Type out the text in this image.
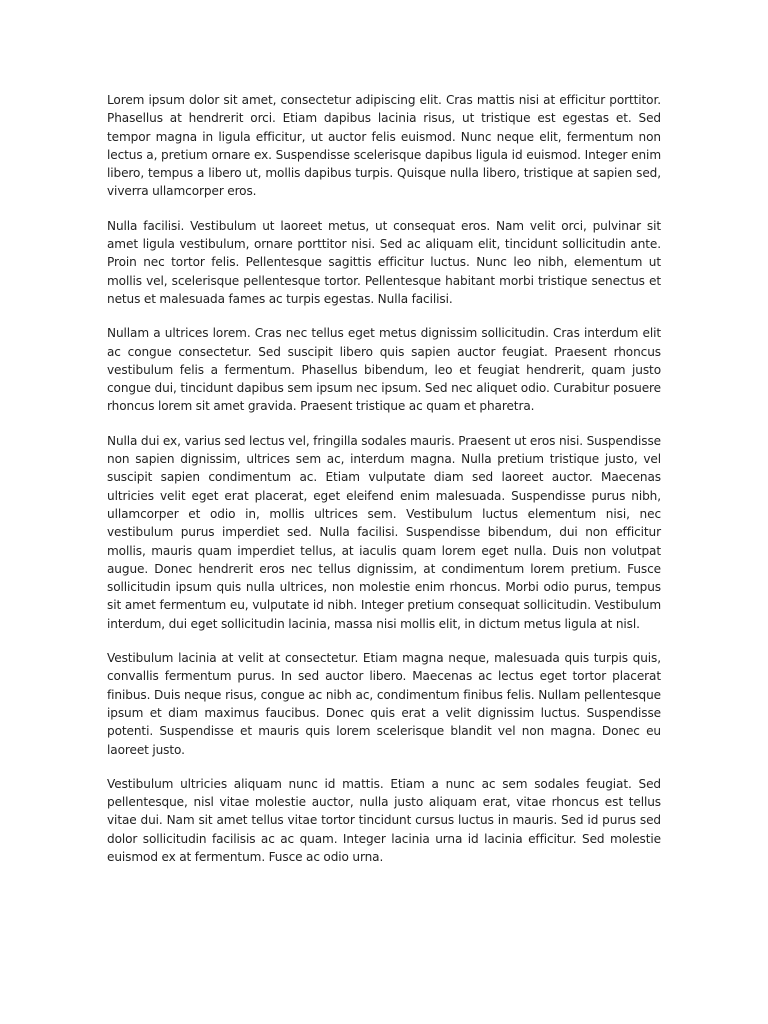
Lorem ipsum dolor sit amet, consectetur adipiscing elit. Cras mattis nisi at efficitur porttitor. Phasellus at hendrerit orci. Etiam dapibus lacinia risus, ut tristique est egestas et. Sed tempor magna in ligula efficitur, ut auctor felis euismod. Nunc neque elit, fermentum non lectus a, pretium ornare ex. Suspendisse scelerisque dapibus ligula id euismod. Integer enim libero, tempus a libero ut, mollis dapibus turpis. Quisque nulla libero, tristique at sapien sed, viverra ullamcorper eros.

Nulla facilisi. Vestibulum ut laoreet metus, ut consequat eros. Nam velit orci, pulvinar sit amet ligula vestibulum, ornare porttitor nisi. Sed ac aliquam elit, tincidunt sollicitudin ante. Proin nec tortor felis. Pellentesque sagittis efficitur luctus. Nunc leo nibh, elementum ut mollis vel, scelerisque pellentesque tortor. Pellentesque habitant morbi tristique senectus et netus et malesuada fames ac turpis egestas. Nulla facilisi.

Nullam a ultrices lorem. Cras nec tellus eget metus dignissim sollicitudin. Cras interdum elit ac congue consectetur. Sed suscipit libero quis sapien auctor feugiat. Praesent rhoncus vestibulum felis a fermentum. Phasellus bibendum, leo et feugiat hendrerit, quam justo congue dui, tincidunt dapibus sem ipsum nec ipsum. Sed nec aliquet odio. Curabitur posuere rhoncus lorem sit amet gravida. Praesent tristique ac quam et pharetra.

Nulla dui ex, varius sed lectus vel, fringilla sodales mauris. Praesent ut eros nisi. Suspendisse non sapien dignissim, ultrices sem ac, interdum magna. Nulla pretium tristique justo, vel suscipit sapien condimentum ac. Etiam vulputate diam sed laoreet auctor. Maecenas ultricies velit eget erat placerat, eget eleifend enim malesuada. Suspendisse purus nibh, ullamcorper et odio in, mollis ultrices sem. Vestibulum luctus elementum nisi, nec vestibulum purus imperdiet sed. Nulla facilisi. Suspendisse bibendum, dui non efficitur mollis, mauris quam imperdiet tellus, at iaculis quam lorem eget nulla. Duis non volutpat augue. Donec hendrerit eros nec tellus dignissim, at condimentum lorem pretium. Fusce sollicitudin ipsum quis nulla ultrices, non molestie enim rhoncus. Morbi odio purus, tempus sit amet fermentum eu, vulputate id nibh. Integer pretium consequat sollicitudin. Vestibulum interdum, dui eget sollicitudin lacinia, massa nisi mollis elit, in dictum metus ligula at nisl.

Vestibulum lacinia at velit at consectetur. Etiam magna neque, malesuada quis turpis quis, convallis fermentum purus. In sed auctor libero. Maecenas ac lectus eget tortor placerat finibus. Duis neque risus, congue ac nibh ac, condimentum finibus felis. Nullam pellentesque ipsum et diam maximus faucibus. Donec quis erat a velit dignissim luctus. Suspendisse potenti. Suspendisse et mauris quis lorem scelerisque blandit vel non magna. Donec eu laoreet justo.

Vestibulum ultricies aliquam nunc id mattis. Etiam a nunc ac sem sodales feugiat. Sed pellentesque, nisl vitae molestie auctor, nulla justo aliquam erat, vitae rhoncus est tellus vitae dui. Nam sit amet tellus vitae tortor tincidunt cursus luctus in mauris. Sed id purus sed dolor sollicitudin facilisis ac ac quam. Integer lacinia urna id lacinia efficitur. Sed molestie euismod ex at fermentum. Fusce ac odio urna.
